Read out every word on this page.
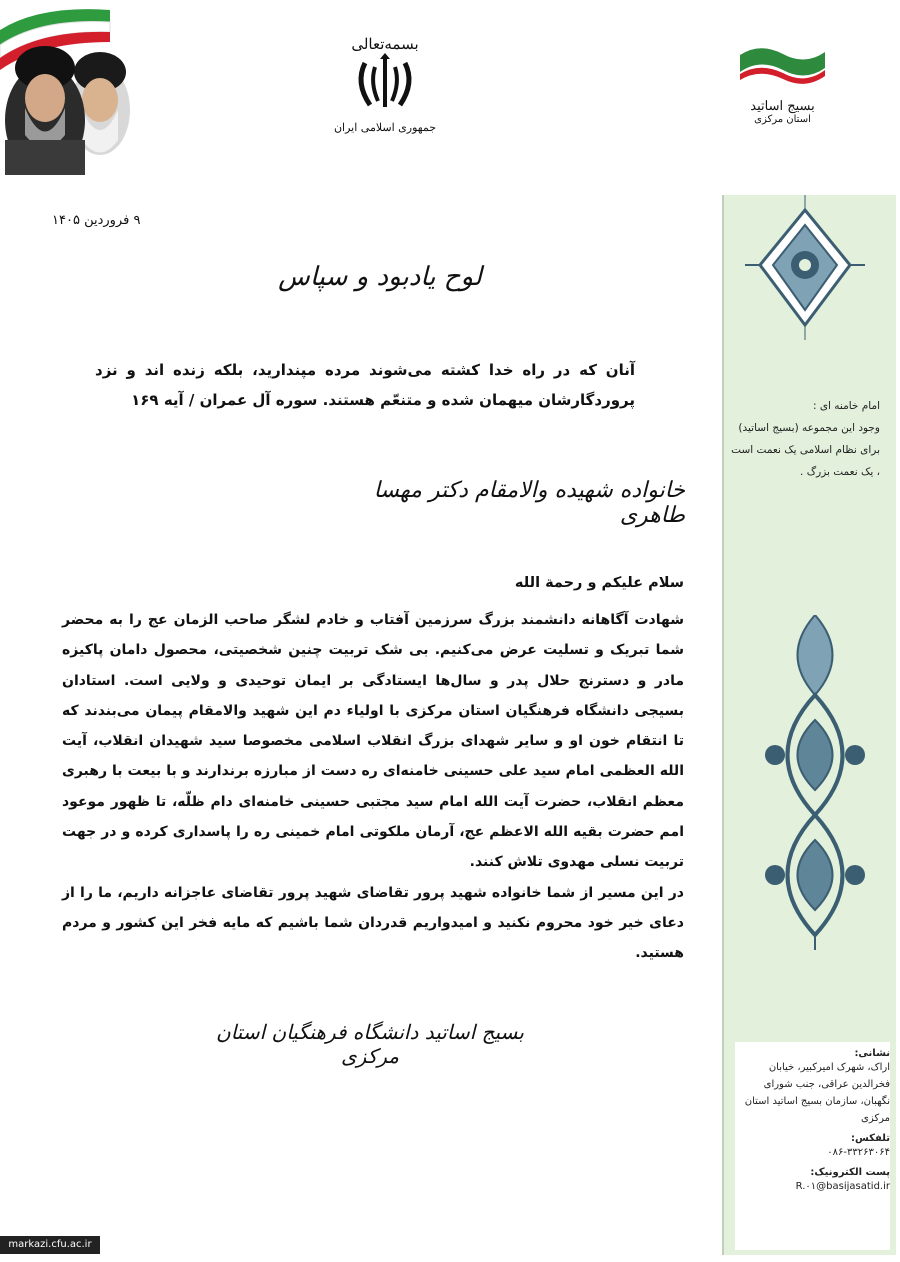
بسمه‌تعالی
جمهوری اسلامی ایران
بسیج اساتید
استان مرکزی
۹ فروردین ۱۴۰۵
امام خامنه ای :
وجود این مجموعه (بسیج اساتید) برای نظام اسلامی یک نعمت است ، یک نعمت بزرگ .
نشانی:
اراک، شهرک امیرکبیر، خیابان فخرالدین عراقی، جنب شورای نگهبان، سازمان بسیج اساتید استان مرکزی
تلفکس:
۰۸۶-۳۳۲۶۳۰۶۴
پست الکترونیک:
R.۰۱@basijasatid.ir
لوح یادبود و سپاس
آنان که در راه خدا کشته می‌شوند مرده مپندارید، بلکه زنده اند و نزد پروردگارشان میهمان شده و متنعّم هستند. سوره آل عمران / آیه ۱۶۹
خانواده شهیده والامقام دکتر مهسا طاهری
سلام علیکم و رحمة الله

شهادت آگاهانه دانشمند بزرگ سرزمین آفتاب و خادم لشگر صاحب الزمان عج را به محضر شما تبریک و تسلیت عرض می‌کنیم. بی شک تربیت چنین شخصیتی، محصول دامان پاکیزه مادر و دسترنج حلال پدر و سال‌ها ایستادگی بر ایمان توحیدی و ولایی است. استادان بسیجی دانشگاه فرهنگیان استان مرکزی با اولیاء دم این شهید والامقام پیمان می‌بندند که تا انتقام خون او و سایر شهدای بزرگ انقلاب اسلامی مخصوصا سید شهیدان انقلاب، آیت الله العظمی امام سید علی حسینی خامنه‌ای ره دست از مبارزه برندارند و با بیعت با رهبری معظم انقلاب، حضرت آیت الله امام سید مجتبی حسینی خامنه‌ای دام ظلّه، تا ظهور موعود امم حضرت بقیه الله الاعظم عج، آرمان ملکوتی امام خمینی ره را پاسداری کرده و در جهت تربیت نسلی مهدوی تلاش کنند.

در این مسیر از شما خانواده شهید پرور تقاضای شهید پرور تقاضای عاجزانه داریم، ما را از دعای خیر خود محروم نکنید و امیدواریم قدردان شما باشیم که مایه فخر این کشور و مردم هستید.

بسیج اساتید دانشگاه فرهنگیان استان مرکزی
markazi.cfu.ac.ir
